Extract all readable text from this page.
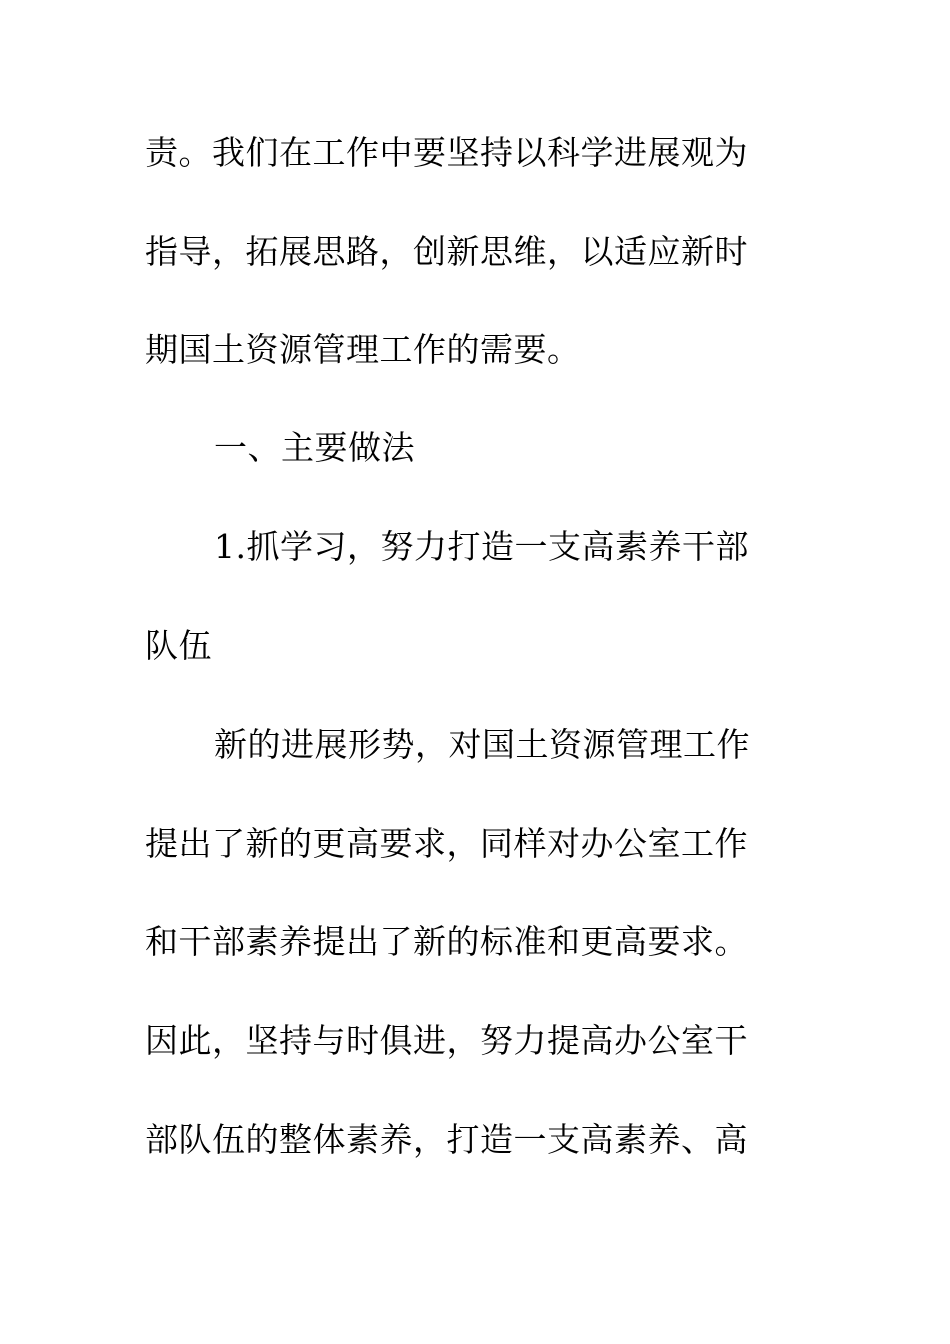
责。我们在工作中要坚持以科学进展观为
指导，拓展思路，创新思维，以适应新时
期国土资源管理工作的需要。
一、主要做法
1.抓学习，努力打造一支高素养干部
队伍
新的进展形势，对国土资源管理工作
提出了新的更高要求，同样对办公室工作
和干部素养提出了新的标准和更高要求。
因此，坚持与时俱进，努力提高办公室干
部队伍的整体素养，打造一支高素养、高
